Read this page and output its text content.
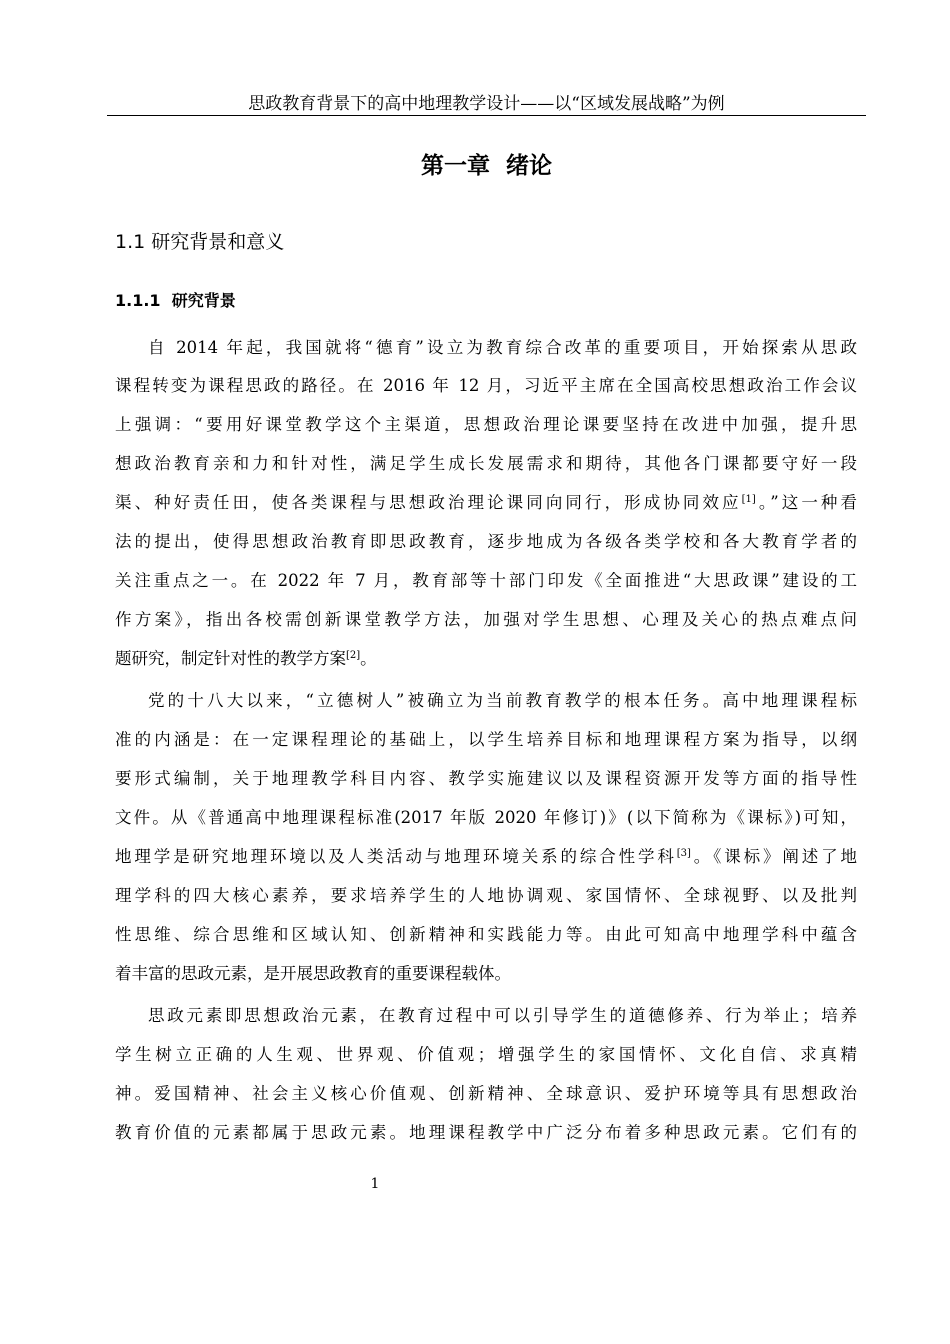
思政教育背景下的高中地理教学设计——以“区域发展战略”为例
第一章  绪论
1.1 研究背景和意义
1.1.1  研究背景
自 2014 年起，我国就将“德育”设立为教育综合改革的重要项目，开始探索从思政
课程转变为课程思政的路径。在 2016 年 12 月，习近平主席在全国高校思想政治工作会议
上强调：“要用好课堂教学这个主渠道，思想政治理论课要坚持在改进中加强，提升思
想政治教育亲和力和针对性，满足学生成长发展需求和期待，其他各门课都要守好一段
渠、种好责任田，使各类课程与思想政治理论课同向同行，形成协同效应[1]。”这一种看
法的提出，使得思想政治教育即思政教育，逐步地成为各级各类学校和各大教育学者的
关注重点之一。在 2022 年 7 月，教育部等十部门印发《全面推进“大思政课”建设的工
作方案》，指出各校需创新课堂教学方法，加强对学生思想、心理及关心的热点难点问
题研究，制定针对性的教学方案[2]。
党的十八大以来，“立德树人”被确立为当前教育教学的根本任务。高中地理课程标
准的内涵是：在一定课程理论的基础上，以学生培养目标和地理课程方案为指导，以纲
要形式编制，关于地理教学科目内容、教学实施建议以及课程资源开发等方面的指导性
文件。从《普通高中地理课程标准(2017 年版 2020 年修订)》(以下简称为《课标》)可知，
地理学是研究地理环境以及人类活动与地理环境关系的综合性学科[3]。《课标》阐述了地
理学科的四大核心素养，要求培养学生的人地协调观、家国情怀、全球视野、以及批判
性思维、综合思维和区域认知、创新精神和实践能力等。由此可知高中地理学科中蕴含
着丰富的思政元素，是开展思政教育的重要课程载体。
思政元素即思想政治元素，在教育过程中可以引导学生的道德修养、行为举止；培养
学生树立正确的人生观、世界观、价值观；增强学生的家国情怀、文化自信、求真精
神。爱国精神、社会主义核心价值观、创新精神、全球意识、爱护环境等具有思想政治
教育价值的元素都属于思政元素。地理课程教学中广泛分布着多种思政元素。它们有的
1
